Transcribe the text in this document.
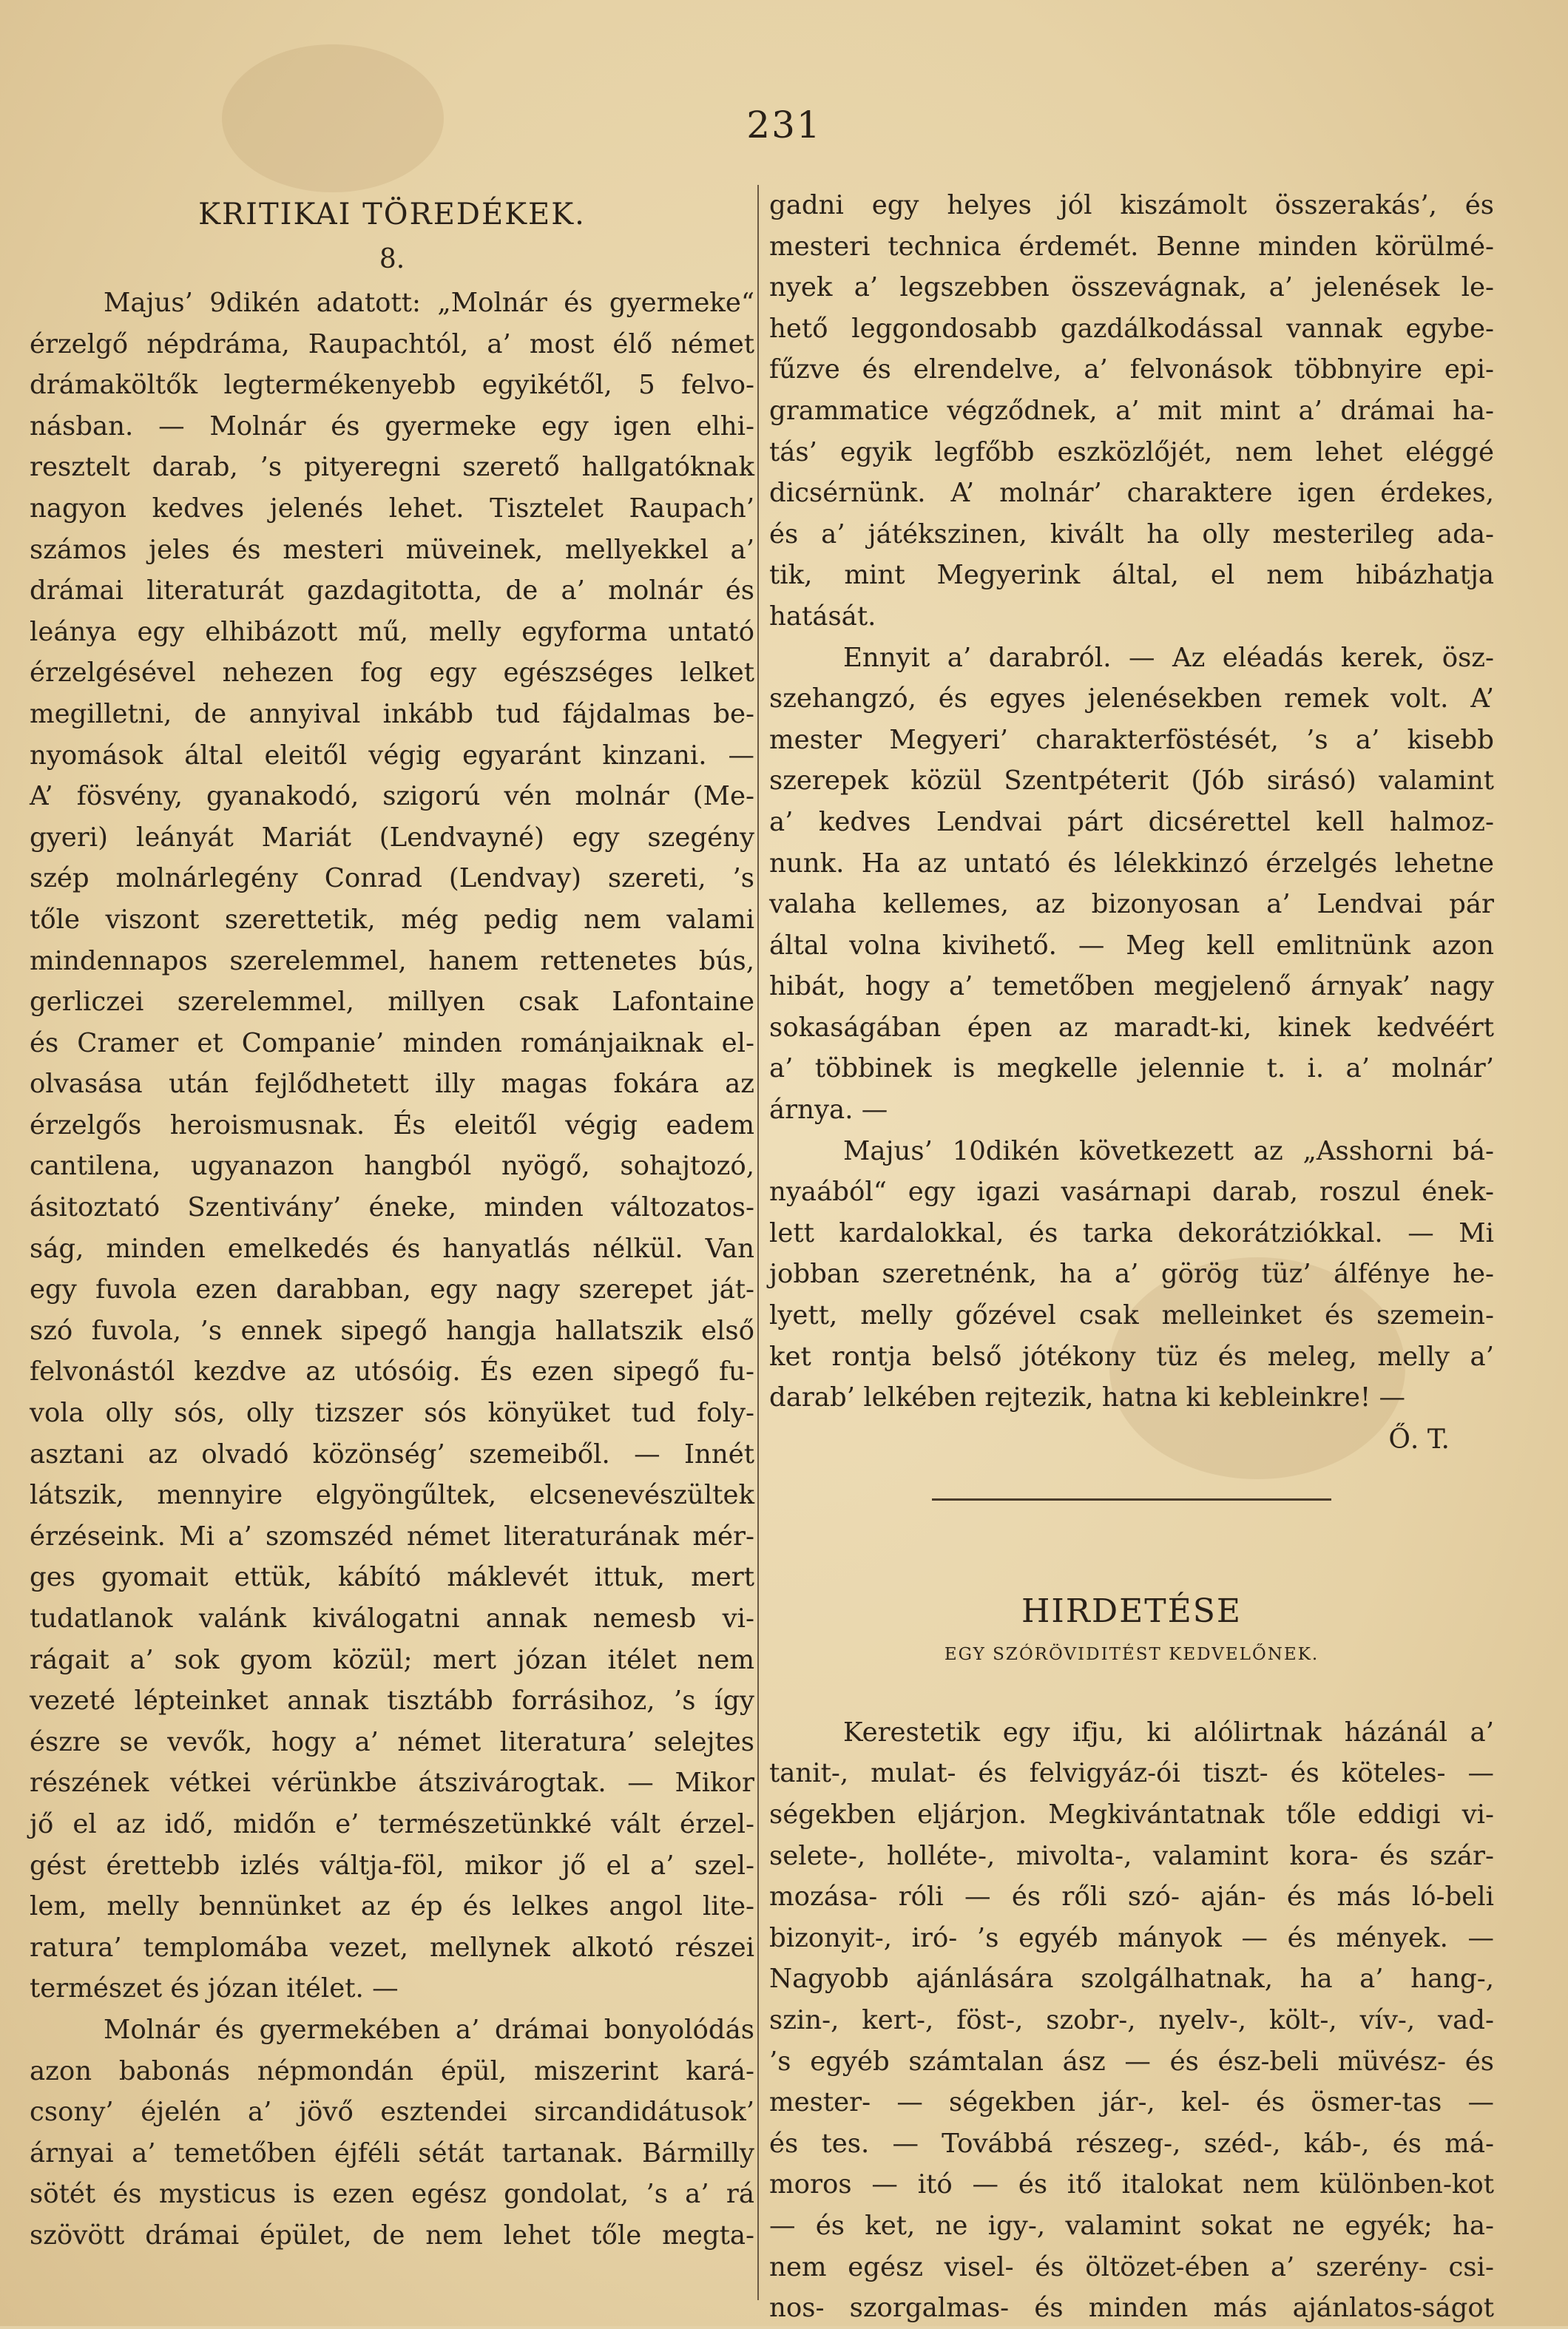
231
KRITIKAI TÖREDÉKEK.
8.
Majus’ 9dikén adatott: „Molnár és gyermeke“
érzelgő népdráma, Raupachtól, a’ most élő német
drámaköltők legtermékenyebb egyikétől, 5 felvo-
násban. — Molnár és gyermeke egy igen elhi-
resztelt darab, ’s pityeregni szerető hallgatóknak
nagyon kedves jelenés lehet. Tisztelet Raupach’
számos jeles és mesteri müveinek, mellyekkel a’
drámai literaturát gazdagitotta, de a’ molnár és
leánya egy elhibázott mű, melly egyforma untató
érzelgésével nehezen fog egy egészséges lelket
megilletni, de annyival inkább tud fájdalmas be-
nyomások által eleitől végig egyaránt kinzani. —
A’ fösvény, gyanakodó, szigorú vén molnár (Me-
gyeri) leányát Mariát (Lendvayné) egy szegény
szép molnárlegény Conrad (Lendvay) szereti, ’s
tőle viszont szerettetik, még pedig nem valami
mindennapos szerelemmel, hanem rettenetes bús,
gerliczei szerelemmel, millyen csak Lafontaine
és Cramer et Companie’ minden románjaiknak el-
olvasása után fejlődhetett illy magas fokára az
érzelgős heroismusnak. És eleitől végig eadem
cantilena, ugyanazon hangból nyögő, sohajtozó,
ásitoztató Szentivány’ éneke, minden változatos-
ság, minden emelkedés és hanyatlás nélkül. Van
egy fuvola ezen darabban, egy nagy szerepet ját-
szó fuvola, ’s ennek sipegő hangja hallatszik első
felvonástól kezdve az utósóig. És ezen sipegő fu-
vola olly sós, olly tizszer sós könyüket tud foly-
asztani az olvadó közönség’ szemeiből. — Innét
látszik, mennyire elgyöngűltek, elcsenevészültek
érzéseink. Mi a’ szomszéd német literaturának mér-
ges gyomait ettük, kábító máklevét ittuk, mert
tudatlanok valánk kiválogatni annak nemesb vi-
rágait a’ sok gyom közül; mert józan itélet nem
vezeté lépteinket annak tisztább forrásihoz, ’s így
észre se vevők, hogy a’ német literatura’ selejtes
részének vétkei vérünkbe átszivárogtak. — Mikor
jő el az idő, midőn e’ természetünkké vált érzel-
gést érettebb izlés váltja-föl, mikor jő el a’ szel-
lem, melly bennünket az ép és lelkes angol lite-
ratura’ templomába vezet, mellynek alkotó részei
természet és józan itélet. —
Molnár és gyermekében a’ drámai bonyolódás
azon babonás népmondán épül, miszerint kará-
csony’ éjelén a’ jövő esztendei sircandidátusok’
árnyai a’ temetőben éjféli sétát tartanak. Bármilly
sötét és mysticus is ezen egész gondolat, ’s a’ rá
szövött drámai épület, de nem lehet tőle megta-
gadni egy helyes jól kiszámolt összerakás’, és
mesteri technica érdemét. Benne minden körülmé-
nyek a’ legszebben összevágnak, a’ jelenések le-
hető leggondosabb gazdálkodással vannak egybe-
fűzve és elrendelve, a’ felvonások többnyire epi-
grammatice végződnek, a’ mit mint a’ drámai ha-
tás’ egyik legfőbb eszközlőjét, nem lehet eléggé
dicsérnünk. A’ molnár’ charaktere igen érdekes,
és a’ játékszinen, kivált ha olly mesterileg ada-
tik, mint Megyerink által, el nem hibázhatja
hatását.
Ennyit a’ darabról. — Az eléadás kerek, ösz-
szehangzó, és egyes jelenésekben remek volt. A’
mester Megyeri’ charakterföstését, ’s a’ kisebb
szerepek közül Szentpéterit (Jób sirásó) valamint
a’ kedves Lendvai párt dicsérettel kell halmoz-
nunk. Ha az untató és lélekkinzó érzelgés lehetne
valaha kellemes, az bizonyosan a’ Lendvai pár
által volna kivihető. — Meg kell emlitnünk azon
hibát, hogy a’ temetőben megjelenő árnyak’ nagy
sokaságában épen az maradt-ki, kinek kedvéért
a’ többinek is megkelle jelennie t. i. a’ molnár’
árnya. —
Majus’ 10dikén következett az „Asshorni bá-
nyaából“ egy igazi vasárnapi darab, roszul ének-
lett kardalokkal, és tarka dekorátziókkal. — Mi
jobban szeretnénk, ha a’ görög tüz’ álfénye he-
lyett, melly gőzével csak melleinket és szemein-
ket rontja belső jótékony tüz és meleg, melly a’
darab’ lelkében rejtezik, hatna ki kebleinkre! —
Ő. T.
HIRDETÉSE
EGY SZÓRÖVIDITÉST KEDVELŐNEK.
Kerestetik egy ifju, ki alólirtnak házánál a’
tanit-, mulat- és felvigyáz-ói tiszt- és köteles- —
ségekben eljárjon. Megkivántatnak tőle eddigi vi-
selete-, holléte-, mivolta-, valamint kora- és szár-
mozása- róli — és rőli szó- aján- és más ló-beli
bizonyit-, iró- ’s egyéb mányok — és mények. —
Nagyobb ajánlására szolgálhatnak, ha a’ hang-,
szin-, kert-, föst-, szobr-, nyelv-, költ-, vív-, vad-
’s egyéb számtalan ász — és ész-beli müvész- és
mester- — ségekben jár-, kel- és ösmer-tas —
és tes. — Továbbá részeg-, széd-, káb-, és má-
moros — itó — és itő italokat nem különben-kot
— és ket, ne igy-, valamint sokat ne egyék; ha-
nem egész visel- és öltözet-ében a’ szerény- csi-
nos- szorgalmas- és minden más ajánlatos-ságot
